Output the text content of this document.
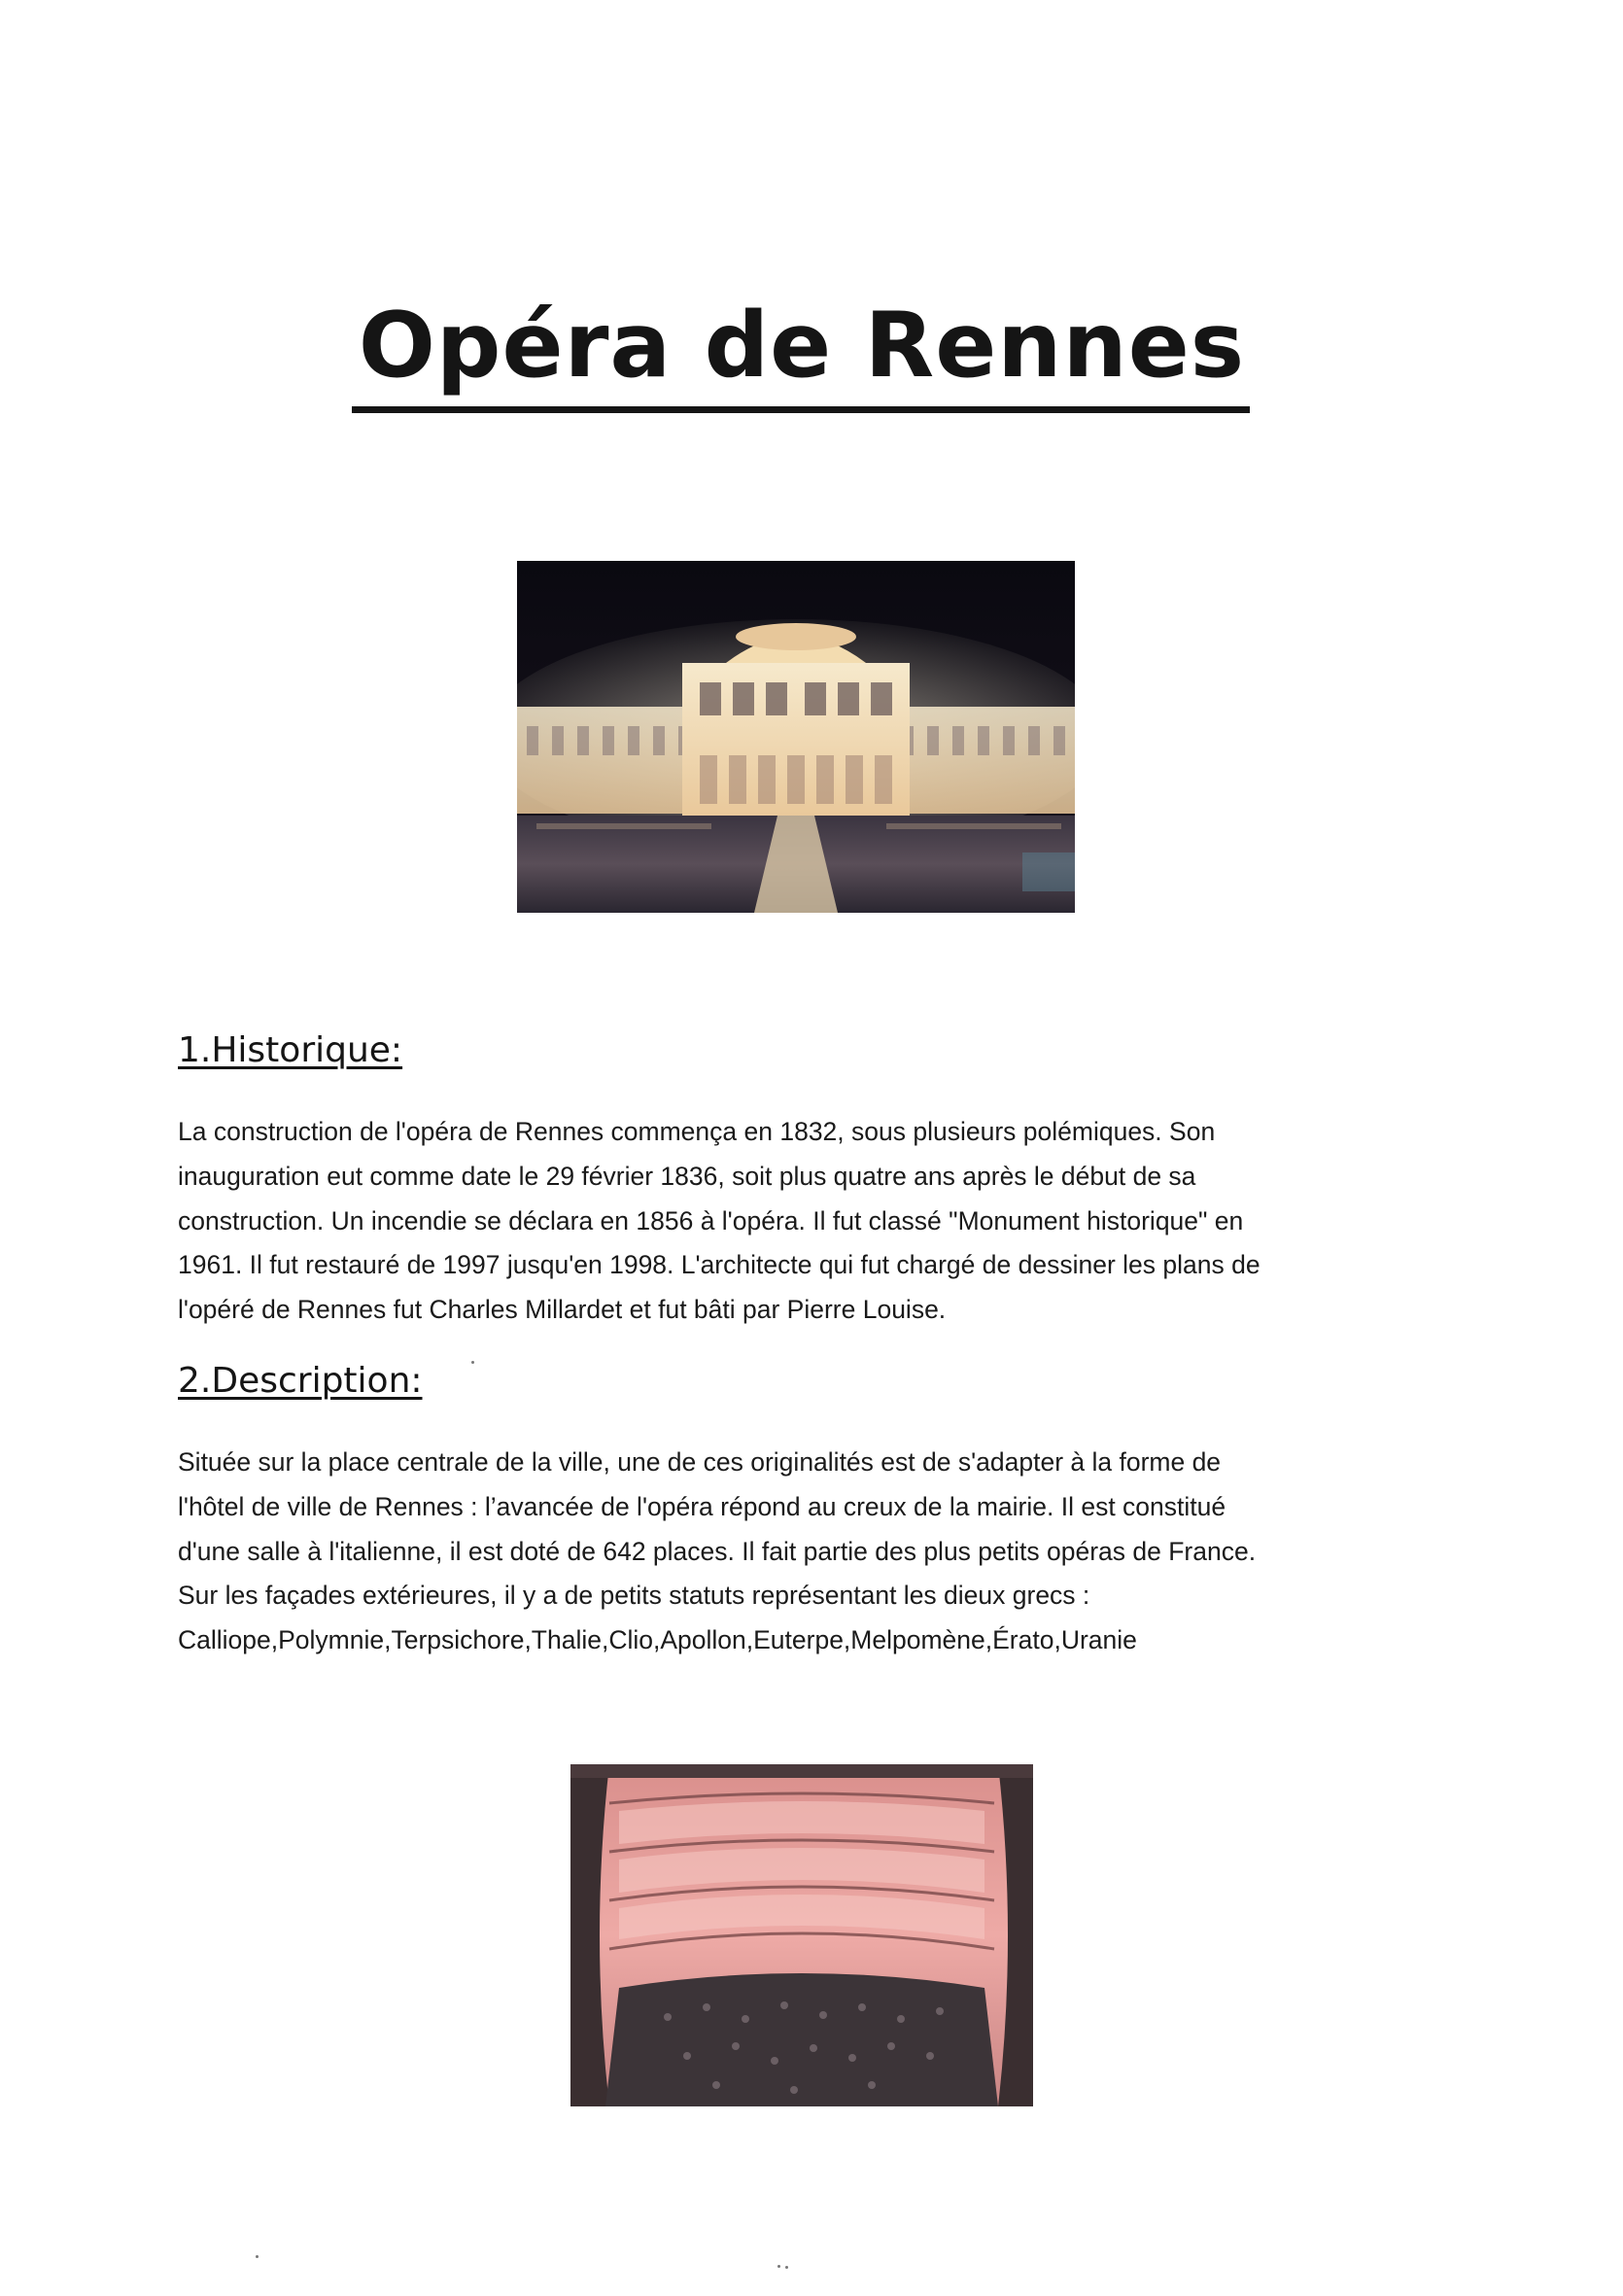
Opéra de Rennes
1.Historique:

La construction de l'opéra de Rennes commença en 1832, sous plusieurs polémiques. Son
inauguration eut comme date le 29 février 1836, soit plus quatre ans après le début de sa
construction. Un incendie se déclara en 1856 à l'opéra. Il fut classé "Monument historique" en
1961. Il fut restauré de 1997 jusqu'en 1998. L'architecte qui fut chargé de dessiner les plans de
l'opéré de Rennes fut Charles Millardet et fut bâti par Pierre Louise.

2.Description:

Située sur la place centrale de la ville, une de ces originalités est de s'adapter à la forme de
l'hôtel de ville de Rennes : l’avancée de l'opéra répond au creux de la mairie. Il est constitué
d'une salle à l'italienne, il est doté de 642 places. Il fait partie des plus petits opéras de France.
Sur les façades extérieures, il y a de petits statuts représentant les dieux grecs :
Calliope,Polymnie,Terpsichore,Thalie,Clio,Apollon,Euterpe,Melpomène,Érato,Uranie
